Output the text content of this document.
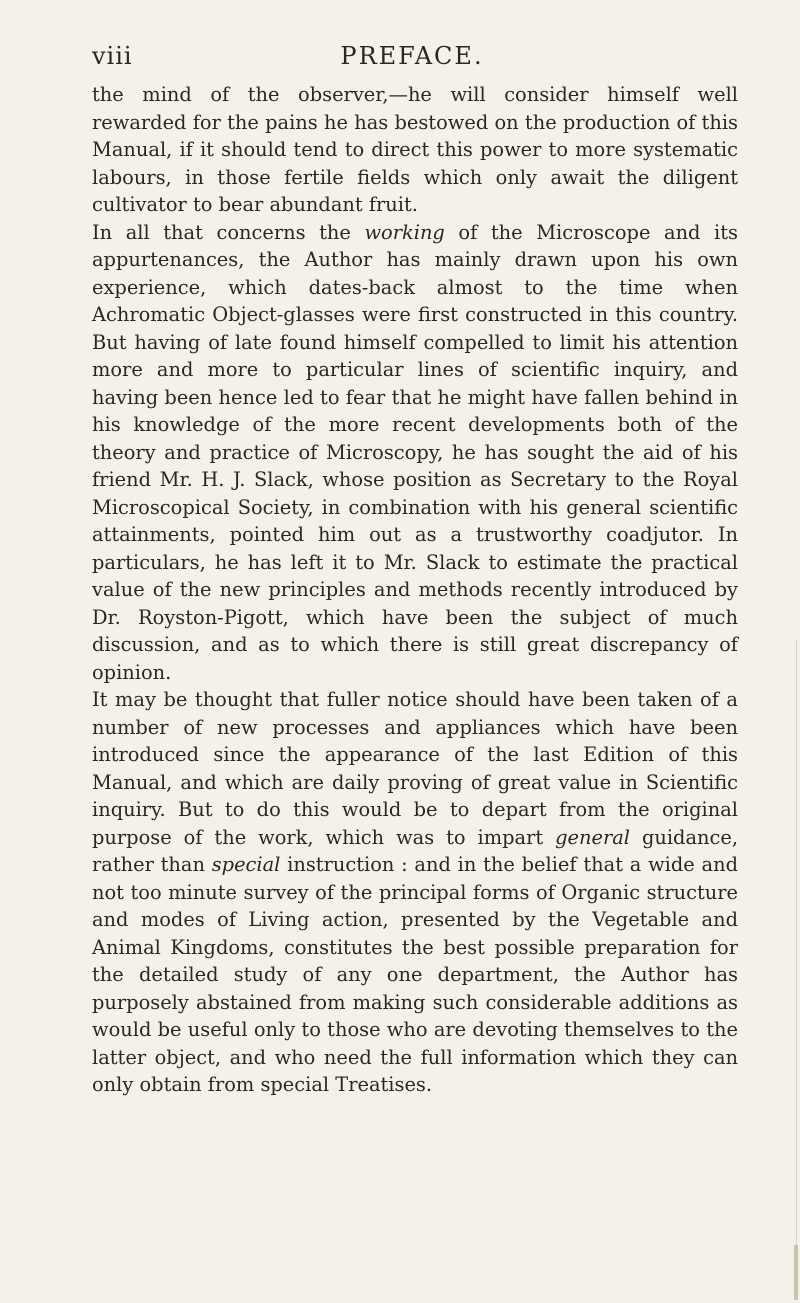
viii	PREFACE.

the mind of the observer,—he will consider himself well rewarded for the pains he has bestowed on the production of this Manual, if it should tend to direct this power to more systematic labours, in those fertile fields which only await the diligent cultivator to bear abundant fruit.

In all that concerns the working of the Microscope and its appurtenances, the Author has mainly drawn upon his own experience, which dates-back almost to the time when Achromatic Object-glasses were first constructed in this country. But having of late found himself compelled to limit his attention more and more to particular lines of scientific inquiry, and having been hence led to fear that he might have fallen behind in his knowledge of the more recent developments both of the theory and practice of Microscopy, he has sought the aid of his friend Mr. H. J. Slack, whose position as Secretary to the Royal Microscopical Society, in combination with his general scientific attainments, pointed him out as a trustworthy coadjutor. In particulars, he has left it to Mr. Slack to estimate the practical value of the new principles and methods recently introduced by Dr. Royston-Pigott, which have been the subject of much discussion, and as to which there is still great discrepancy of opinion.

It may be thought that fuller notice should have been taken of a number of new processes and appliances which have been introduced since the appearance of the last Edition of this Manual, and which are daily proving of great value in Scientific inquiry. But to do this would be to depart from the original purpose of the work, which was to impart general guidance, rather than special instruction : and in the belief that a wide and not too minute survey of the principal forms of Organic structure and modes of Living action, presented by the Vegetable and Animal Kingdoms, constitutes the best possible preparation for the detailed study of any one department, the Author has purposely abstained from making such considerable additions as would be useful only to those who are devoting themselves to the latter object, and who need the full information which they can only obtain from special Treatises.
